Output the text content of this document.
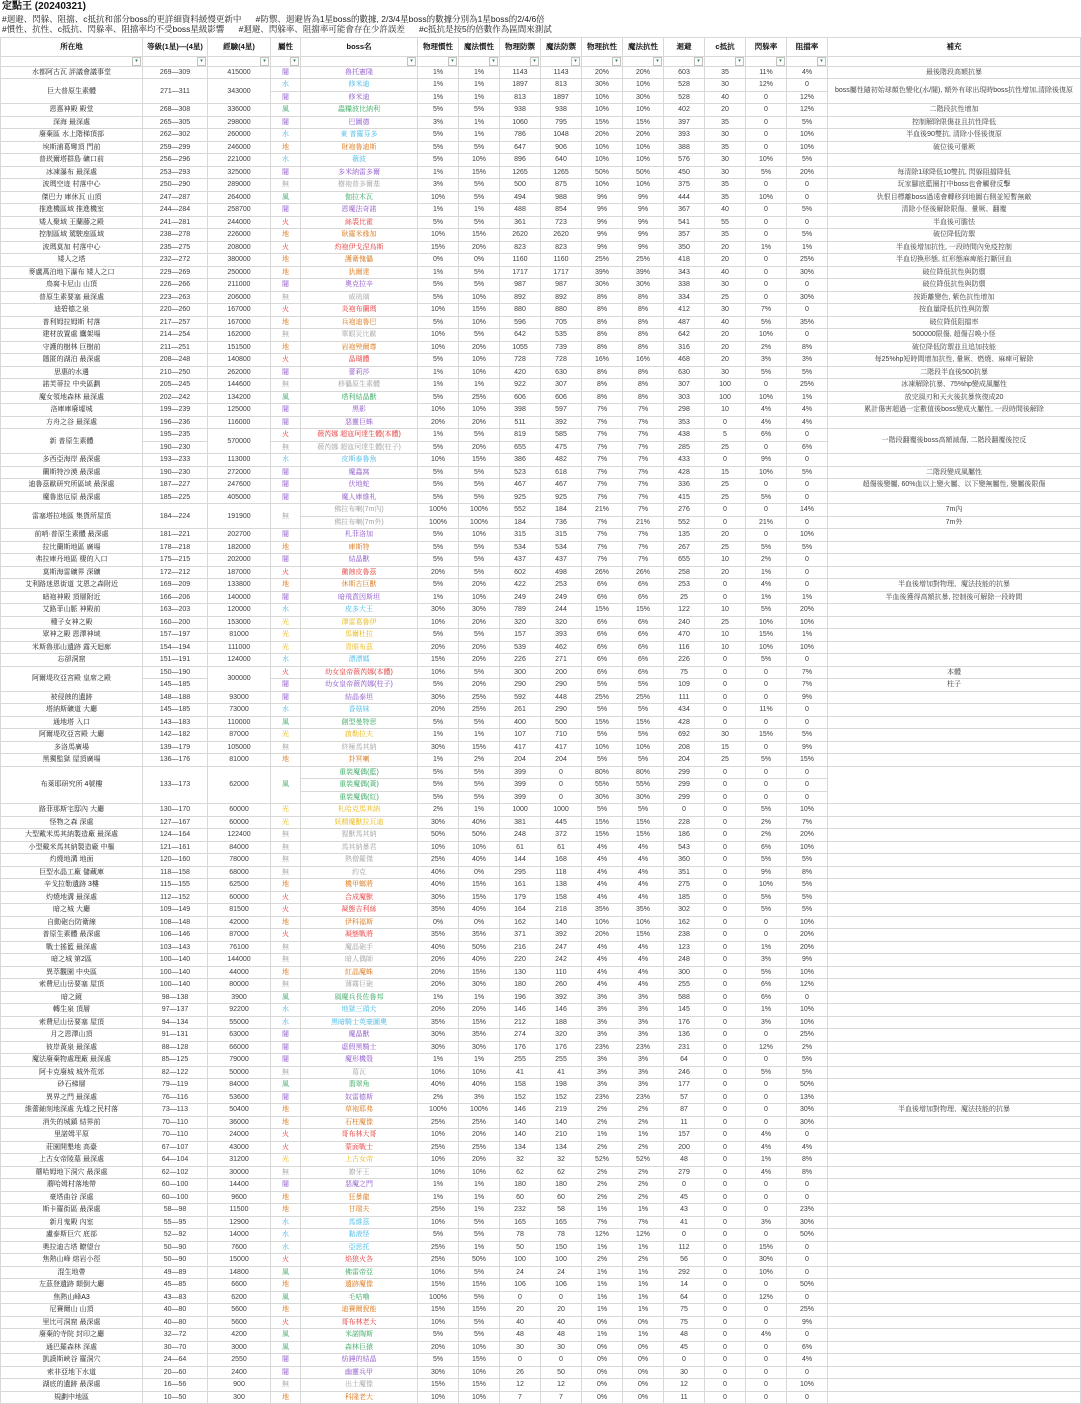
定點王 (20240321)
#迴避、閃躲、阻擋、c抵抗和部分boss的更詳細資料緩慢更新中      #防禦、迴避皆為1星boss的數據, 2/3/4星boss的數據分別為1星boss的2/4/6倍
#慣性、抗性、c抵抗、閃躲率、阻擋率均不受boss星級影響      #迴避、閃躲率、阻擋率可能會存在少許誤差      #c抵抗是按5的倍數作為區間來測試
所在地	等級(1星)—(4星)	經驗(4星)	屬性	boss名	物理慣性	魔法慣性	物理防禦	魔法防禦	物理抗性	魔法抗性	迴避	c抵抗	閃躲率	阻擋率	補充

▾	▾	▾	▾	▾	▾	▾	▾	▾	▾	▾	▾	▾	▾	▾	

水都阿古瓦 評議會議事堂	269—309	415000	闇	魯托憲隆	1%	1%	1143	1143	20%	20%	603	35	11%	4%	最後階段高額抗暴
巨大普原生素體	271—311	343000	水	修米迪	1%	1%	1897	813	30%	10%	528	30	12%	0	boss屬性隨初始球顏色變化(水/闇), 額外有球出現時boss抗性增加,清除後復原
			闇	修米迪	1%	1%	813	1897	10%	30%	528	40	0	12%	
恩惠神殿 殿堂	268—308	336000	風	蟲糧波比納利	5%	5%	938	938	10%	10%	402	20	0	12%	二階段抗性增加
深海 最深處	265—305	298000	闇	巴圖德	3%	1%	1060	795	15%	15%	397	35	0	5%	控制解除限傷並且抗性降低
廢棄區 水上階梯頂部	262—302	260000	水	東 普羅芬多	5%	1%	786	1048	20%	20%	393	30	0	10%	半血後90雙抗, 清除小怪後復原
埃斯浦葛彎頂 門前	259—299	246000	地	財袍魯迪斯	5%	5%	647	906	10%	10%	388	35	0	10%	破位後可暈厥
普崁爾塔群島 礦口前	256—296	221000	水	薇波	5%	10%	896	640	10%	10%	576	30	10%	5%	
冰凍瀑布 最深處	253—293	325000	闇	多米納雷多爾	1%	15%	1265	1265	50%	50%	450	30	5%	20%	每清除1球降低10雙抗, 閃躲阻擋降低
波瑪空迹 村落中心	250—290	289000	無	樹袍普多爾基	3%	5%	500	875	10%	10%	375	35	0	0	玩家腳底藍圈打中boss也會觸發反擊
傑巴力 庫休瓦 山頂	247—287	264000	風	伽拉木瓦	10%	5%	494	988	9%	9%	444	35	10%	0	仇恨目標離boss過遠會轉移到地圖右側並短暫無敵
推進機區域 推進機室	244—284	258700	闇	恩魔法奇諾	1%	1%	488	854	9%	9%	367	40	0	5%	清除小怪後解除限傷、暈厥、翻覆
矮人聚域 王蘭藤之殿	241—281	244000	火	絲裘比霍	5%	5%	361	723	9%	9%	541	55	0	0	半血後可膽怯
控制區域 駕駛座區域	238—278	226000	地	耿羅米緣加	10%	15%	2620	2620	9%	9%	357	35	0	5%	破位降低防禦
波瑪莫加 村落中心	235—275	208000	火	灼袍伊戈涅烏斯	15%	20%	823	823	9%	9%	350	20	1%	1%	半血後增加抗性, 一段時間內免疫控制
矮人之塔	232—272	380000	地	護衛傀儡	0%	0%	1160	1160	25%	25%	418	20	0	25%	半血切換形態, 紅形態麻痺能打斷回血
麥盧萬泊地下瀑布 矮人之口	229—269	250000	地	犰爾達	1%	5%	1717	1717	39%	39%	343	40	0	30%	破位降低抗性與防禦
鳥窩卡尼山 山頂	226—266	211000	闇	奧克拉辛	5%	5%	987	987	30%	30%	338	30	0	0	破位降低抗性與防禦
普原生素要塞 最深處	223—263	206000	無	威琉璃	5%	10%	892	892	8%	8%	334	25	0	30%	按距離變色, 紫色抗性增加
迪碧德之泉	220—260	167000	火	炎袍布蘭瑪	10%	15%	880	880	8%	8%	412	30	7%	0	按血量降低抗性與防禦
普利姆拉姆斯 村落	217—257	167000	地	兵袍迪魯巴	5%	10%	596	705	8%	8%	487	40	5%	35%	破位降低阻擋率
建材放置處 鷹架場	214—254	162000	無	單眼災比歐	10%	5%	642	535	8%	8%	642	20	10%	0	500000限傷, 超傷召喚小怪
守護的樹林 巨樹前	211—251	151500	地	岩袍殃爾尊	10%	20%	1055	739	8%	8%	316	20	2%	8%	破位降低防禦並且追加技能
隱匿的湖泊 最深處	208—248	140800	火	晶瑚體	5%	10%	728	728	16%	16%	468	20	3%	3%	每25%hp短時間增加抗性, 暈厥、燃燒、麻痺可解除
思惠的水邊	210—250	262000	闇	蕾莉莎	1%	10%	420	630	8%	8%	630	30	5%	5%	二階段半血後500抗暴
諾芙蒂拉 中央區劃	205—245	144600	無	移儡原生素體	1%	1%	922	307	8%	8%	307	100	0	25%	冰凍解除抗暴、75%hp變成風屬性
魔女領地森林 最深處	202—242	134200	風	塔利結晶獸	5%	25%	606	606	8%	8%	303	100	10%	1%	放完風刃和天火後抗暴恢復成20
洛庫庫廢墟城	199—239	125000	闇	黑影	10%	10%	398	597	7%	7%	298	10	4%	4%	累計傷害超過一定數值後boss變成火屬性, 一段時間後解除
方舟之谷 最深處	196—236	116000	闇	惡靈巨蛛	20%	20%	511	392	7%	7%	353	0	4%	4%	
新 普原生素體	195—235	570000	火	薇芮娜 超寇珂達生體(本體)	1%	5%	819	585	7%	7%	438	5	6%	0	一階段翻覆後boss高額減傷, 二階段翻覆後控反
	190—230		無	薇芮娜 超寇珂達生體(柱子)	5%	20%	655	475	7%	7%	285	25	0	6%	
多西亞海岸 最深處	193—233	113000	水	皮斯泰魯魚	10%	15%	386	482	7%	7%	433	0	9%	0	
蘭斯特沙漠 最深處	190—230	272000	闇	魔蟲窩	5%	5%	523	618	7%	7%	428	15	10%	5%	二階段變成風屬性
迪魯茲歐研究所區域 最深處	187—227	247600	闇	伏地蛇	5%	5%	467	467	7%	7%	336	25	0	0	超傷後變屬, 60%血以上變火屬、以下變無屬性, 變屬後限傷
魔魯逖厄原 最深處	185—225	405000	闇	魔人庫維札	5%	5%	925	925	7%	7%	415	25	5%	0	
雷塞塔拉地區 集貨所屋頂	184—224	191900	無	佛拉布喇(7m內)	100%	100%	552	184	21%	7%	276	0	0	14%	7m內
				佛拉布喇(7m外)	100%	100%	184	736	7%	21%	552	0	21%	0	7m外
前哨·普原生素體 最深處	181—221	202700	闇	札菲洛加	5%	10%	315	315	7%	7%	135	20	0	10%	
拉比蘭斯地區 廣場	178—218	182000	地	庫斯特	5%	5%	534	534	7%	7%	267	25	5%	5%	
弗拉庫丹地區 棲的入口	175—215	202000	闇	結晶獸	5%	5%	437	437	7%	7%	655	10	2%	0	
莫斯海雷礦界 深礦	172—212	187000	火	黴蝕皮魯茲	20%	5%	602	498	26%	26%	258	20	1%	0	
艾利路迷恩街道 艾恩之森附近	169—209	133800	地	休斯古巨獸	5%	20%	422	253	6%	6%	253	0	4%	0	半血後增加對物理、魔法技能的抗暴
暗袍神殿 頂層附近	166—206	140000	闇	暗飛賁因斯坦	1%	10%	249	249	6%	6%	25	0	1%	1%	半血後獲得高額抗暴, 控制後可解除一段時間
艾路菲山脈 神殿前	163—203	120000	水	皮多大王	30%	30%	789	244	15%	15%	122	10	5%	20%	
種子女神之殿	160—200	153000	光	澤雷葛魯伊	10%	20%	320	320	6%	6%	240	25	10%	10%	
眾神之殿 恩澤神域	157—197	81000	光	馬爾杜拉	5%	5%	157	393	6%	6%	470	10	15%	1%	
米斯魯那山遺跡 露天迴廊	154—194	111000	光	青眼布茲	20%	20%	539	462	6%	6%	116	10	10%	10%	
忘卻洞窟	151—191	124000	水	漂漂媽	15%	20%	226	271	6%	6%	226	0	5%	0	
阿爾堤玫亞宮殿 皇席之殿	150—190	300000	火	幼女皇帝薇芮娜(本體)	10%	5%	300	200	6%	6%	75	0	0	7%	本體
	145—185		闇	幼女皇帝薇芮娜(柱子)	5%	20%	290	290	5%	5%	109	0	0	7%	柱子
被侵蝕的遺跡	148—188	93000	闇	結晶泰坦	30%	25%	592	448	25%	25%	111	0	0	9%	
塔納斯礦道 大廳	145—185	73000	水	香菇妹	20%	25%	261	290	5%	5%	434	0	11%	0	
通地塔 入口	143—183	110000	風	創型曼特思	5%	5%	400	500	15%	15%	428	0	0	0	
阿爾堤玫亞宮殿 大廳	142—182	87000	光	啟勒拉夫	1%	1%	107	710	5%	5%	692	30	15%	5%	
多洛馬廣場	139—179	105000	無	終極馬其納	30%	15%	417	417	10%	10%	208	15	0	9%	
黑獨監獄 屋頂廣場	136—176	81000	地	卦冥喇	1%	2%	204	204	5%	5%	204	25	5%	15%	
布萊耶研究所 4號樓	133—173	62000	風	重裝魔偶(藍)	5%	5%	399	0	80%	80%	299	0	0	0	
				重裝魔偶(黃)	5%	5%	399	0	55%	55%	299	0	0	0	
				重裝魔偶(紅)	5%	5%	399	0	30%	30%	299	0	0	0	
路菲那斯宅邸內 大廳	130—170	60000	光	札哈克馬其納	2%	1%	1000	1000	5%	5%	0	0	5%	10%	
怪物之森 深處	127—167	60000	光	妖精魔獸拉瓦迪	30%	40%	381	445	15%	15%	228	0	2%	7%	
大型戴米馬其納製造廠 最深處	124—164	122400	無	猩獸馬其納	50%	50%	248	372	15%	15%	186	0	2%	20%	
小型戴米馬其納製造廠 中樞	121—161	84000	無	馬其納暴君	10%	10%	61	61	4%	4%	543	0	6%	10%	
灼燒地溝 地面	120—160	78000	無	熱僧羅傑	25%	40%	144	168	4%	4%	360	0	5%	5%	
巨型水晶工廠 儲藏庫	118—158	68000	無	約克	40%	0%	295	118	4%	4%	351	0	9%	8%	
辛戈拉勒遺跡 3樓	115—155	62500	地	機甲螂將	40%	15%	161	138	4%	4%	275	0	10%	5%	
灼燒地溝 最深處	112—152	60000	火	合成魔獸	30%	15%	179	158	4%	4%	185	0	5%	5%	
暗之城 大廳	109—149	81500	火	凝態吉利絲	35%	40%	164	218	35%	35%	302	0	5%	5%	
自動砲台防衛線	108—148	42000	地	伊科福斯	0%	0%	162	140	10%	10%	162	0	0	10%	
普原生素體 最深處	106—146	87000	火	凝態戰將	35%	35%	371	392	20%	15%	238	0	0	20%	
戰士搖籃 最深處	103—143	76100	無	魔晶砲手	40%	50%	216	247	4%	4%	123	0	1%	20%	
暗之城 第2區	100—140	144000	無	暗人偶師	20%	40%	220	242	4%	4%	248	0	3%	9%	
異萃觀園 中央區	100—140	44000	地	紅晶魔蛛	20%	15%	130	110	4%	4%	300	0	5%	10%	
索費尼山岳要塞 屋頂	100—140	80000	無	薄霧巨砲	20%	30%	180	260	4%	4%	255	0	6%	12%	
暗之鏡	98—138	3900	風	風魔兵長佐魯邦	1%	1%	196	392	3%	3%	588	0	6%	0	
轉生泉 頂層	97—137	92200	水	地獄三頭犬	20%	20%	146	146	3%	3%	145	0	1%	10%	
索費尼山岳要塞 屋頂	94—134	55000	水	黑暗騎士英豪圖奧	35%	15%	212	188	3%	3%	176	0	3%	10%	
月之恩澤山頂	91—131	63000	闇	魔晶獸	30%	35%	274	320	3%	3%	136	0	0	25%	
彼岸黃泉 最深處	88—128	66000	闇	虛假黑騎士	30%	30%	176	176	23%	23%	231	0	12%	2%	
魔法廢棄物處理廠 最深處	85—125	79000	闇	魔形機殼	1%	1%	255	255	3%	3%	64	0	0	5%	
阿卡克廢城 城外荒郊	82—122	50000	無	葛瓦	10%	10%	41	41	3%	3%	246	0	5%	5%	
砂石梯層	79—119	84000	風	翡翠角	40%	40%	158	198	3%	3%	177	0	0	50%	
異界之門 最深處	76—116	53600	闇	奴雷德斯	2%	3%	152	152	23%	23%	57	0	0	13%	
維蕾鈾刻地深處 先墟之民村落	73—113	50400	地	草袍耶弗	100%	100%	146	219	2%	2%	87	0	0	30%	半血後增加對物理、魔法技能的抗暴
消失的城鎮 結界前	70—110	36000	地	石柱魔像	25%	25%	140	140	2%	2%	11	0	0	30%	
里諾姆平原	70—110	24000	火	哥布林大哥	10%	20%	140	210	1%	1%	157	0	4%	0	
莊園開墾地 高臺	67—107	43000	火	蒙面戰士	25%	25%	134	134	2%	2%	200	0	4%	4%	
上古女帝陵墓 最深處	64—104	31200	光	上古女帝	10%	20%	32	32	52%	52%	48	0	1%	8%	
蘑哈姆地下洞穴 最深處	62—102	30000	無	獠牙王	10%	10%	62	62	2%	2%	279	0	4%	8%	
蘑哈姆村落地帶	60—100	14400	闇	惡魔之門	1%	1%	180	180	2%	2%	0	0	0	0	
豪塔曲谷 深處	60—100	9600	地	狂暴龍	1%	1%	60	60	2%	2%	45	0	0	0	
斯卡羅街區 最深處	58—98	11500	地	甘瑞夫	25%	1%	232	58	1%	1%	43	0	0	23%	
新月鬼殿 內室	55—95	12900	水	馬維茲	10%	5%	165	165	7%	7%	41	0	3%	30%	
盧泰斯巨穴 底部	52—92	14000	水	黏液怪	5%	5%	78	78	12%	12%	0	0	0	50%	
奧拉迪古塔 瞭望台	50—90	7600	水	亞思托	25%	1%	50	150	1%	1%	112	0	15%	0	
焦熱山峰 熔岩小徑	50—90	15000	火	焰狼火各	25%	50%	100	100	2%	2%	56	0	30%	0	
混生地帶	49—89	14800	風	佛雷帝亞	10%	5%	24	24	1%	1%	292	0	10%	0	
左茲登遺跡 顛倒大廳	45—85	6600	地	遺跡魔像	15%	15%	106	106	1%	1%	14	0	0	50%	
焦熱山峰A3	43—83	6200	風	毛咕嚕	100%	5%	0	0	1%	1%	64	0	12%	0	
尼賽爾山 山頂	40—80	5600	地	迪賽爾猊能	15%	15%	20	20	1%	1%	75	0	0	25%	
里比可洞窟 最深處	40—80	5600	火	哥布林老大	10%	5%	40	40	0%	0%	75	0	0	9%	
廢棄的寺院 封印之廳	32—72	4200	風	米諾陶斯	5%	5%	48	48	1%	1%	48	0	4%	0	
通巴羅森林 深處	30—70	3000	風	森林巨猿	20%	10%	30	30	0%	0%	45	0	0	6%	
凱謨斯峽谷 羅洞穴	24—64	2550	闇	紡錘的結晶	5%	15%	0	0	0%	0%	0	0	0	4%	
索非亞地下水道	20—60	2400	闇	幽靈兵甲	30%	10%	26	50	0%	0%	30	0	0	0	
湖底的遺跡 最深處	16—56	900	無	出土魔像	15%	15%	12	12	0%	0%	12	0	0	10%	
規劃中地區	10—50	300	地	科隆老大	10%	10%	7	7	0%	0%	11	0	0	0	
